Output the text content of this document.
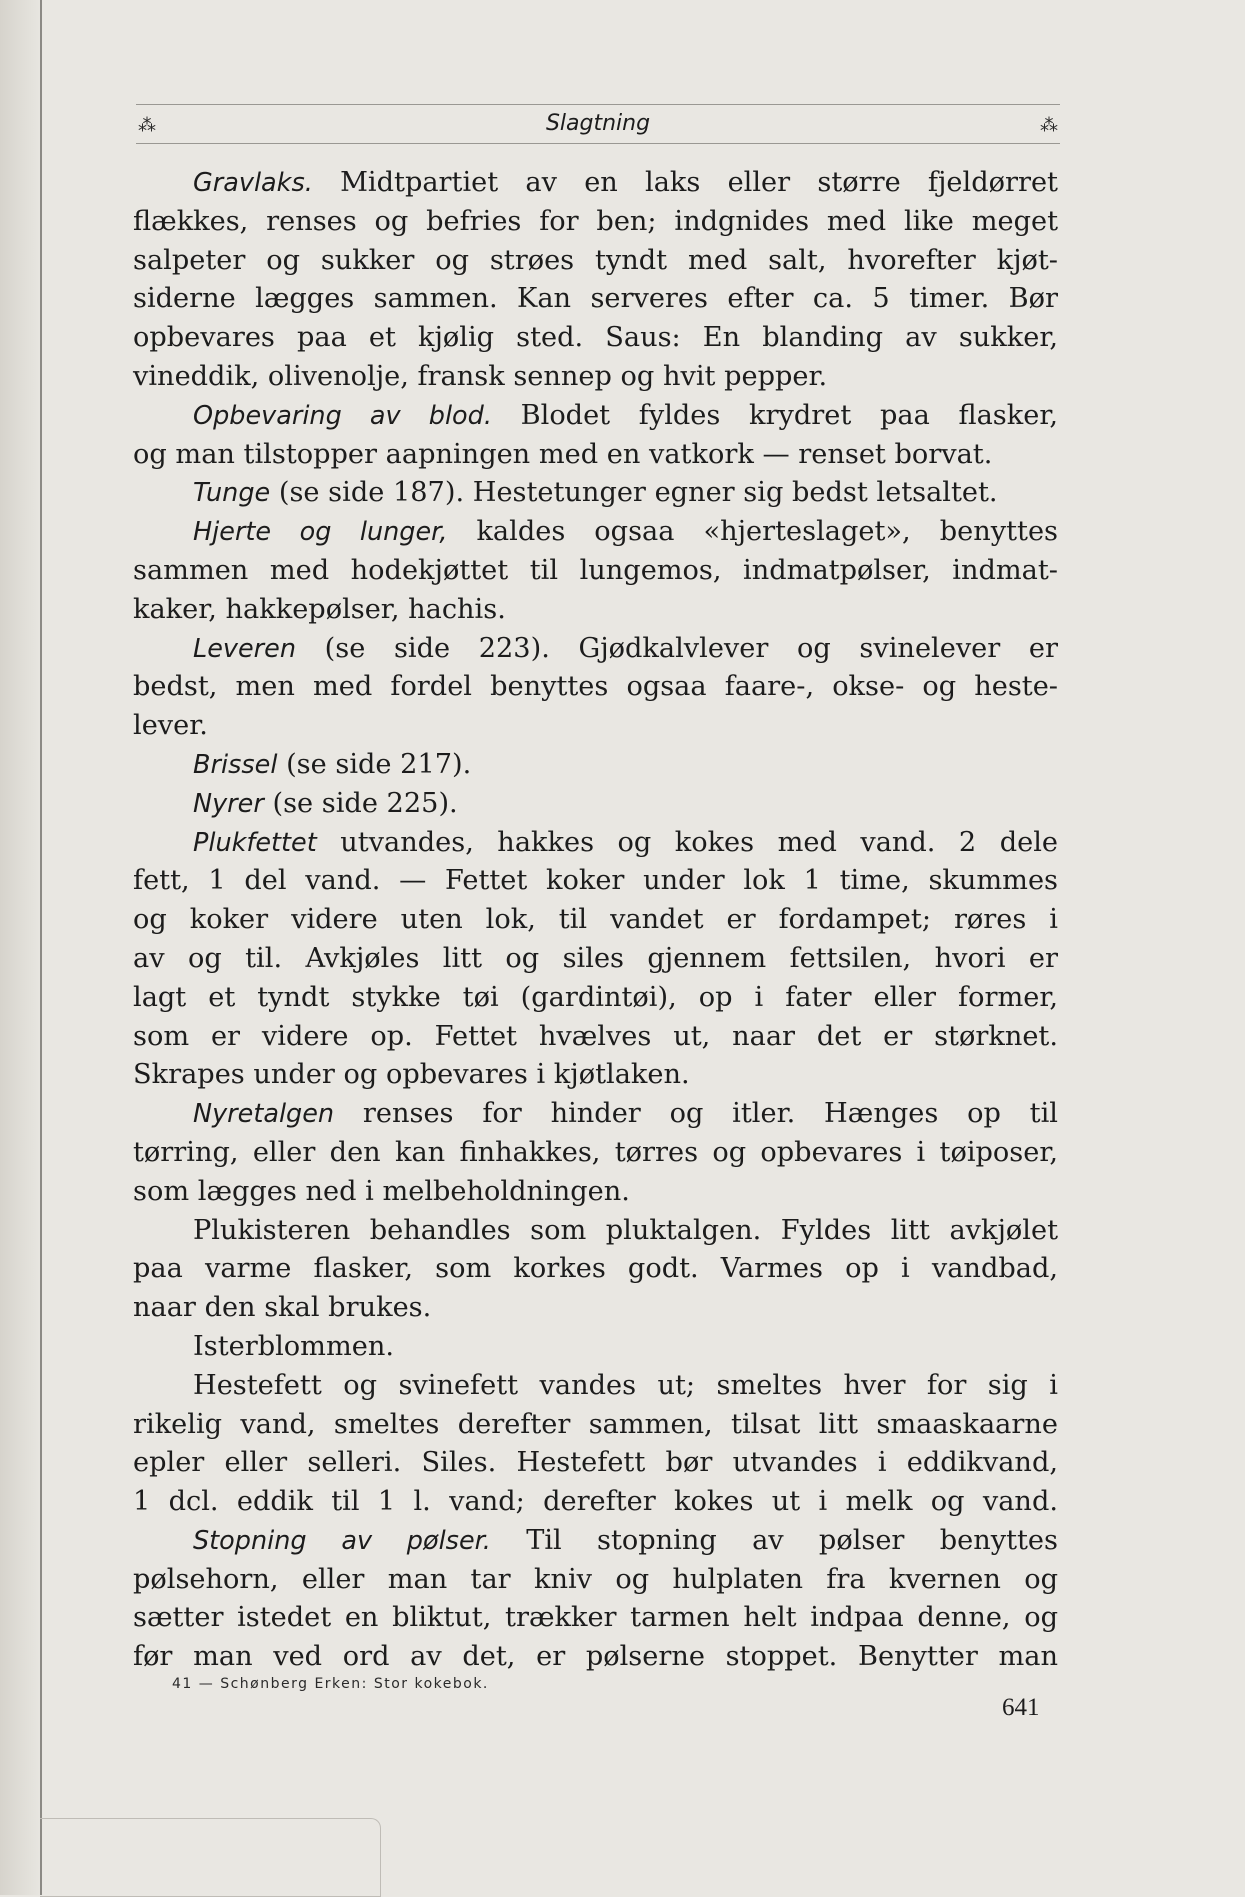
⁂	Slagtning	⁂
Gravlaks. Midtpartiet av en laks eller større fjeldørret
flækkes, renses og befries for ben; indgnides med like meget
salpeter og sukker og strøes tyndt med salt, hvorefter kjøt-
siderne lægges sammen. Kan serveres efter ca. 5 timer. Bør
opbevares paa et kjølig sted. Saus: En blanding av sukker,
vineddik, olivenolje, fransk sennep og hvit pepper.
Opbevaring av blod. Blodet fyldes krydret paa flasker,
og man tilstopper aapningen med en vatkork — renset borvat.
Tunge (se side 187). Hestetunger egner sig bedst letsaltet.
Hjerte og lunger, kaldes ogsaa «hjerteslaget», benyttes
sammen med hodekjøttet til lungemos, indmatpølser, indmat-
kaker, hakkepølser, hachis.
Leveren (se side 223). Gjødkalvlever og svinelever er
bedst, men med fordel benyttes ogsaa faare-, okse- og heste-
lever.
Brissel (se side 217).
Nyrer (se side 225).
Plukfettet utvandes, hakkes og kokes med vand. 2 dele
fett, 1 del vand. — Fettet koker under lok 1 time, skummes
og koker videre uten lok, til vandet er fordampet; røres i
av og til. Avkjøles litt og siles gjennem fettsilen, hvori er
lagt et tyndt stykke tøi (gardintøi), op i fater eller former,
som er videre op. Fettet hvælves ut, naar det er størknet.
Skrapes under og opbevares i kjøtlaken.
Nyretalgen renses for hinder og itler. Hænges op til
tørring, eller den kan finhakkes, tørres og opbevares i tøiposer,
som lægges ned i melbeholdningen.
Plukisteren behandles som pluktalgen. Fyldes litt avkjølet
paa varme flasker, som korkes godt. Varmes op i vandbad,
naar den skal brukes.
Isterblommen.
Hestefett og svinefett vandes ut; smeltes hver for sig i
rikelig vand, smeltes derefter sammen, tilsat litt smaaskaarne
epler eller selleri. Siles. Hestefett bør utvandes i eddikvand,
1 dcl. eddik til 1 l. vand; derefter kokes ut i melk og vand.
Stopning av pølser. Til stopning av pølser benyttes
pølsehorn, eller man tar kniv og hulplaten fra kvernen og
sætter istedet en bliktut, trækker tarmen helt indpaa denne, og
før man ved ord av det, er pølserne stoppet. Benytter man
41 — Schønberg Erken: Stor kokebok.
641
